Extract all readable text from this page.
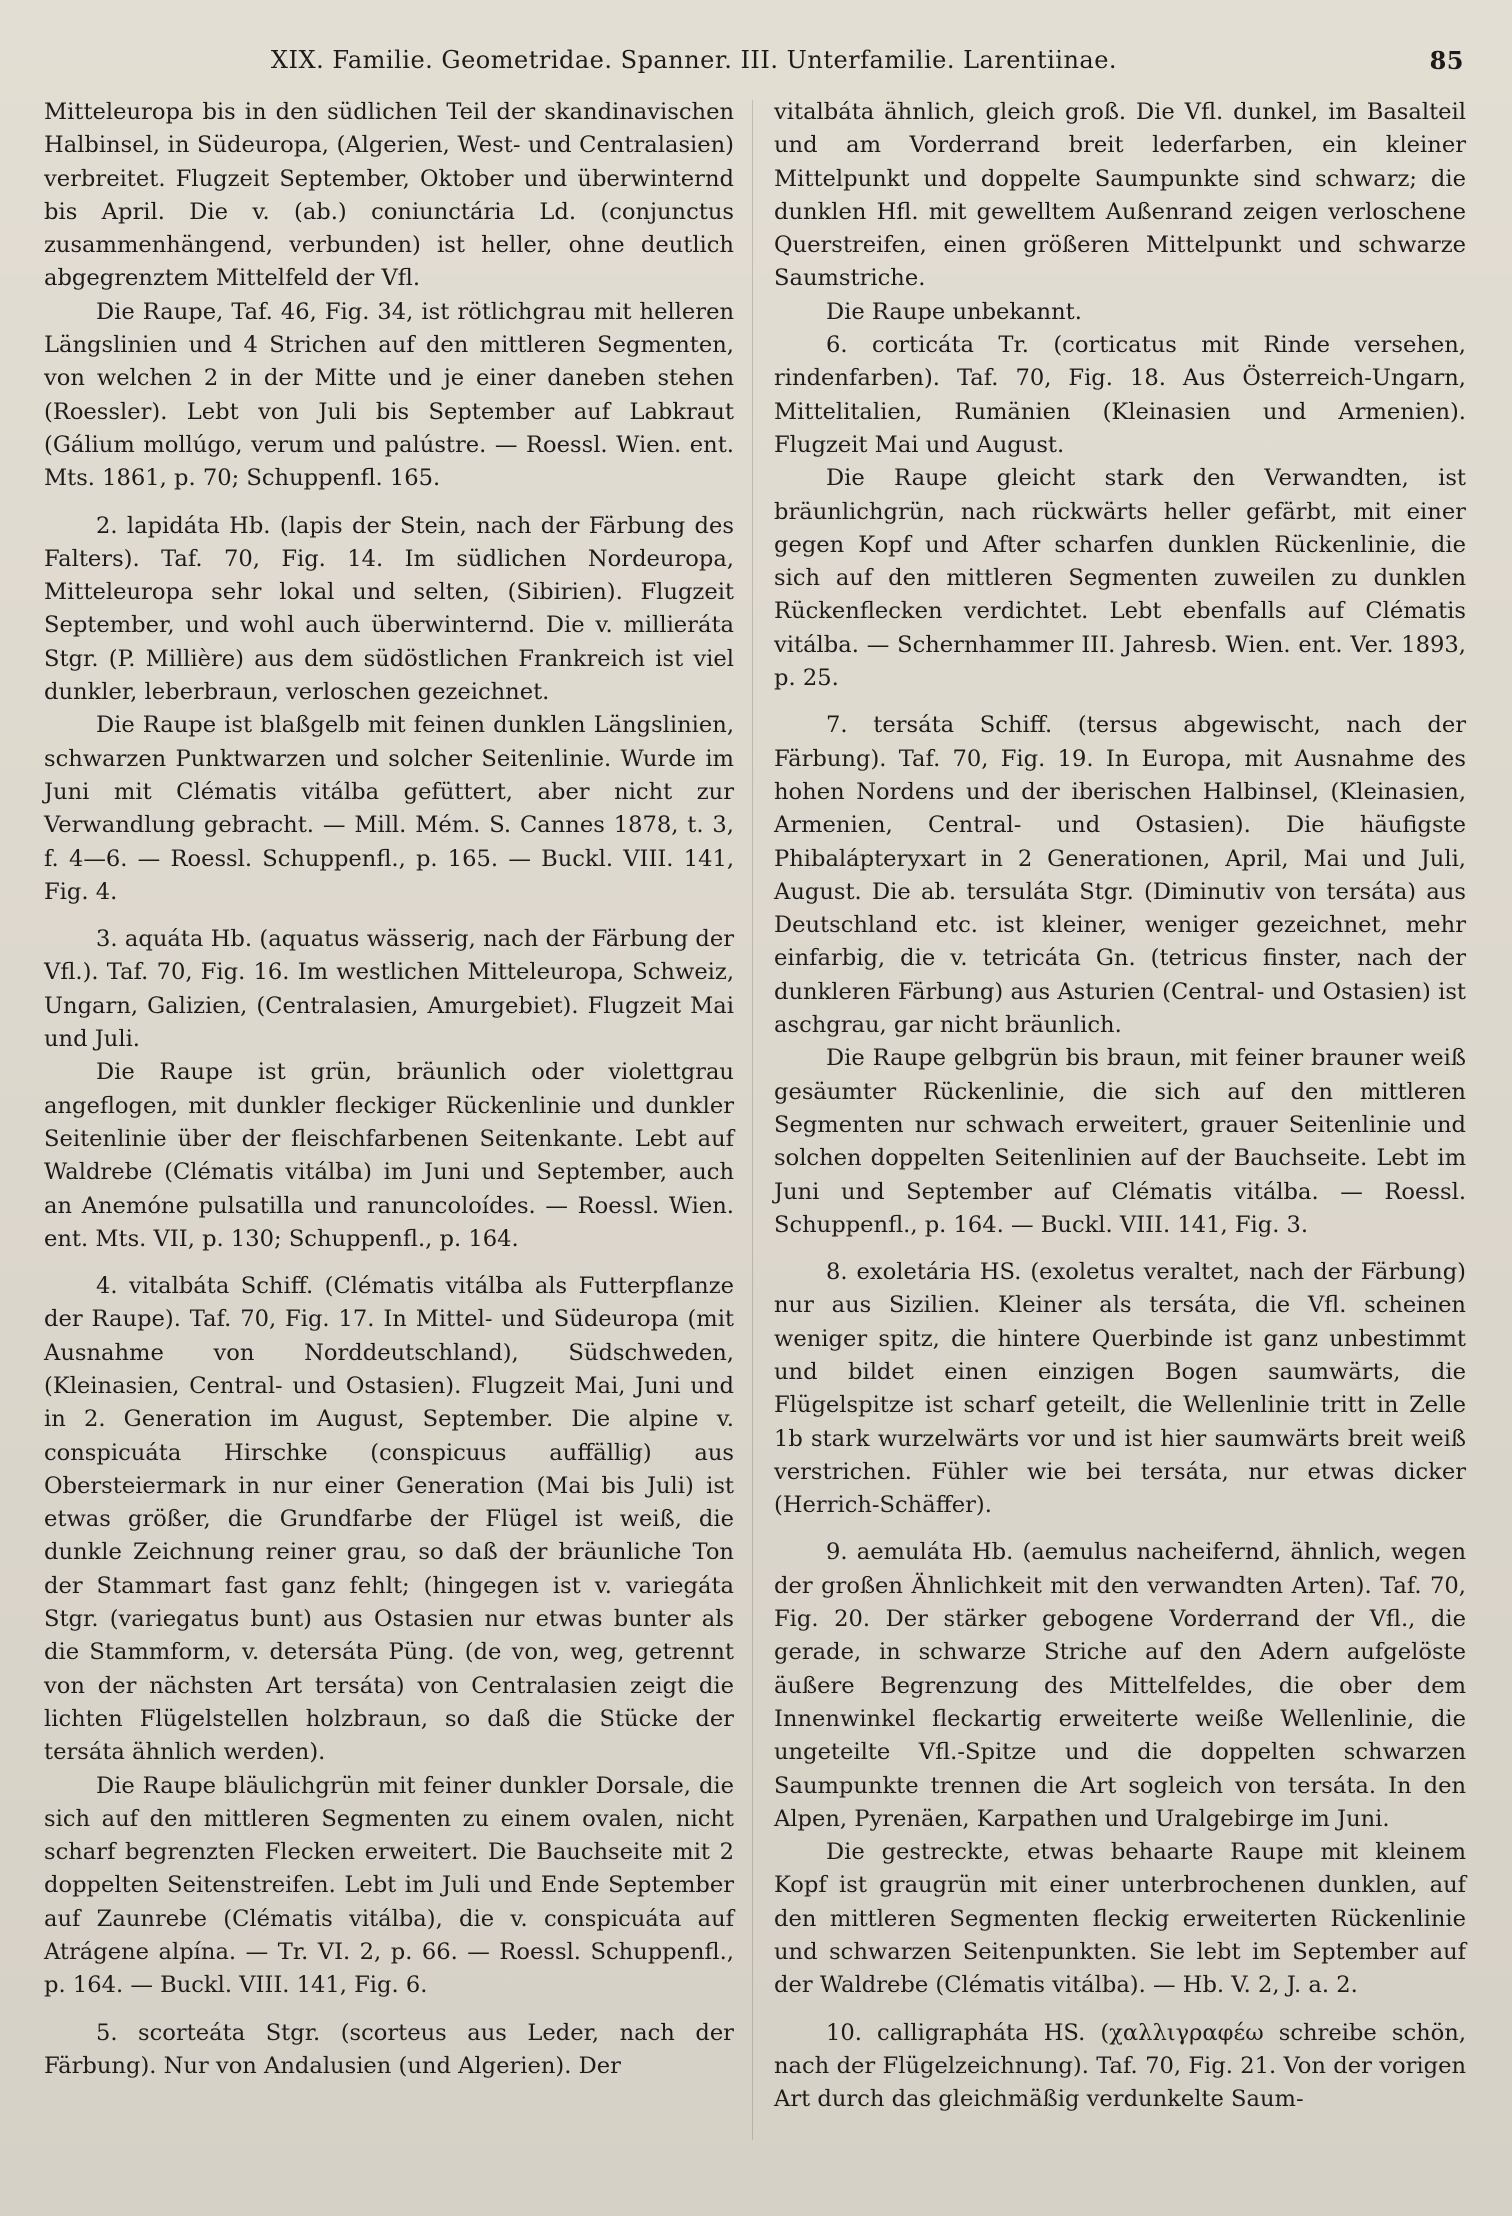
XIX. Familie. Geometridae. Spanner. III. Unterfamilie. Larentiinae.	85

Mitteleuropa bis in den südlichen Teil der skandinavischen Halbinsel, in Südeuropa, (Algerien, West- und Centralasien) verbreitet. Flugzeit September, Oktober und überwinternd bis April. Die v. (ab.) coniunctária Ld. (conjunctus zusammenhängend, verbunden) ist heller, ohne deutlich abgegrenztem Mittelfeld der Vfl.

Die Raupe, Taf. 46, Fig. 34, ist rötlichgrau mit helleren Längslinien und 4 Strichen auf den mittleren Segmenten, von welchen 2 in der Mitte und je einer daneben stehen (Roessler). Lebt von Juli bis September auf Labkraut (Gálium mollúgo, verum und palústre. — Roessl. Wien. ent. Mts. 1861, p. 70; Schuppenfl. 165.

2. lapidáta Hb. (lapis der Stein, nach der Färbung des Falters). Taf. 70, Fig. 14. Im südlichen Nordeuropa, Mitteleuropa sehr lokal und selten, (Sibirien). Flugzeit September, und wohl auch überwinternd. Die v. millieráta Stgr. (P. Millière) aus dem südöstlichen Frankreich ist viel dunkler, leberbraun, verloschen gezeichnet.

Die Raupe ist blaßgelb mit feinen dunklen Längslinien, schwarzen Punktwarzen und solcher Seitenlinie. Wurde im Juni mit Clématis vitálba gefüttert, aber nicht zur Verwandlung gebracht. — Mill. Mém. S. Cannes 1878, t. 3, f. 4—6. — Roessl. Schuppenfl., p. 165. — Buckl. VIII. 141, Fig. 4.

3. aquáta Hb. (aquatus wässerig, nach der Färbung der Vfl.). Taf. 70, Fig. 16. Im westlichen Mitteleuropa, Schweiz, Ungarn, Galizien, (Centralasien, Amurgebiet). Flugzeit Mai und Juli.

Die Raupe ist grün, bräunlich oder violettgrau angeflogen, mit dunkler fleckiger Rückenlinie und dunkler Seitenlinie über der fleischfarbenen Seitenkante. Lebt auf Waldrebe (Clématis vitálba) im Juni und September, auch an Anemóne pulsatilla und ranuncoloídes. — Roessl. Wien. ent. Mts. VII, p. 130; Schuppenfl., p. 164.

4. vitalbáta Schiff. (Clématis vitálba als Futterpflanze der Raupe). Taf. 70, Fig. 17. In Mittel- und Südeuropa (mit Ausnahme von Norddeutschland), Südschweden, (Kleinasien, Central- und Ostasien). Flugzeit Mai, Juni und in 2. Generation im August, September. Die alpine v. conspicuáta Hirschke (conspicuus auffällig) aus Obersteiermark in nur einer Generation (Mai bis Juli) ist etwas größer, die Grundfarbe der Flügel ist weiß, die dunkle Zeichnung reiner grau, so daß der bräunliche Ton der Stammart fast ganz fehlt; (hingegen ist v. variegáta Stgr. (variegatus bunt) aus Ostasien nur etwas bunter als die Stammform, v. detersáta Püng. (de von, weg, getrennt von der nächsten Art tersáta) von Centralasien zeigt die lichten Flügelstellen holzbraun, so daß die Stücke der tersáta ähnlich werden).

Die Raupe bläulichgrün mit feiner dunkler Dorsale, die sich auf den mittleren Segmenten zu einem ovalen, nicht scharf begrenzten Flecken erweitert. Die Bauchseite mit 2 doppelten Seitenstreifen. Lebt im Juli und Ende September auf Zaunrebe (Clématis vitálba), die v. conspicuáta auf Atrágene alpína. — Tr. VI. 2, p. 66. — Roessl. Schuppenfl., p. 164. — Buckl. VIII. 141, Fig. 6.

5. scorteáta Stgr. (scorteus aus Leder, nach der Färbung). Nur von Andalusien (und Algerien). Der

vitalbáta ähnlich, gleich groß. Die Vfl. dunkel, im Basalteil und am Vorderrand breit lederfarben, ein kleiner Mittelpunkt und doppelte Saumpunkte sind schwarz; die dunklen Hfl. mit gewelltem Außenrand zeigen verloschene Querstreifen, einen größeren Mittelpunkt und schwarze Saumstriche.

Die Raupe unbekannt.

6. corticáta Tr. (corticatus mit Rinde versehen, rindenfarben). Taf. 70, Fig. 18. Aus Österreich-Ungarn, Mittelitalien, Rumänien (Kleinasien und Armenien). Flugzeit Mai und August.

Die Raupe gleicht stark den Verwandten, ist bräunlichgrün, nach rückwärts heller gefärbt, mit einer gegen Kopf und After scharfen dunklen Rückenlinie, die sich auf den mittleren Segmenten zuweilen zu dunklen Rückenflecken verdichtet. Lebt ebenfalls auf Clématis vitálba. — Schernhammer III. Jahresb. Wien. ent. Ver. 1893, p. 25.

7. tersáta Schiff. (tersus abgewischt, nach der Färbung). Taf. 70, Fig. 19. In Europa, mit Ausnahme des hohen Nordens und der iberischen Halbinsel, (Kleinasien, Armenien, Central- und Ostasien). Die häufigste Phibalápteryxart in 2 Generationen, April, Mai und Juli, August. Die ab. tersuláta Stgr. (Diminutiv von tersáta) aus Deutschland etc. ist kleiner, weniger gezeichnet, mehr einfarbig, die v. tetricáta Gn. (tetricus finster, nach der dunkleren Färbung) aus Asturien (Central- und Ostasien) ist aschgrau, gar nicht bräunlich.

Die Raupe gelbgrün bis braun, mit feiner brauner weiß gesäumter Rückenlinie, die sich auf den mittleren Segmenten nur schwach erweitert, grauer Seitenlinie und solchen doppelten Seitenlinien auf der Bauchseite. Lebt im Juni und September auf Clématis vitálba. — Roessl. Schuppenfl., p. 164. — Buckl. VIII. 141, Fig. 3.

8. exoletária HS. (exoletus veraltet, nach der Färbung) nur aus Sizilien. Kleiner als tersáta, die Vfl. scheinen weniger spitz, die hintere Querbinde ist ganz unbestimmt und bildet einen einzigen Bogen saumwärts, die Flügelspitze ist scharf geteilt, die Wellenlinie tritt in Zelle 1b stark wurzelwärts vor und ist hier saumwärts breit weiß verstrichen. Fühler wie bei tersáta, nur etwas dicker (Herrich-Schäffer).

9. aemuláta Hb. (aemulus nacheifernd, ähnlich, wegen der großen Ähnlichkeit mit den verwandten Arten). Taf. 70, Fig. 20. Der stärker gebogene Vorderrand der Vfl., die gerade, in schwarze Striche auf den Adern aufgelöste äußere Begrenzung des Mittelfeldes, die ober dem Innenwinkel fleckartig erweiterte weiße Wellenlinie, die ungeteilte Vfl.-Spitze und die doppelten schwarzen Saumpunkte trennen die Art sogleich von tersáta. In den Alpen, Pyrenäen, Karpathen und Uralgebirge im Juni.

Die gestreckte, etwas behaarte Raupe mit kleinem Kopf ist graugrün mit einer unterbrochenen dunklen, auf den mittleren Segmenten fleckig erweiterten Rückenlinie und schwarzen Seitenpunkten. Sie lebt im September auf der Waldrebe (Clématis vitálba). — Hb. V. 2, J. a. 2.

10. calligrapháta HS. (χαλλιγραφέω schreibe schön, nach der Flügelzeichnung). Taf. 70, Fig. 21. Von der vorigen Art durch das gleichmäßig verdunkelte Saum-
